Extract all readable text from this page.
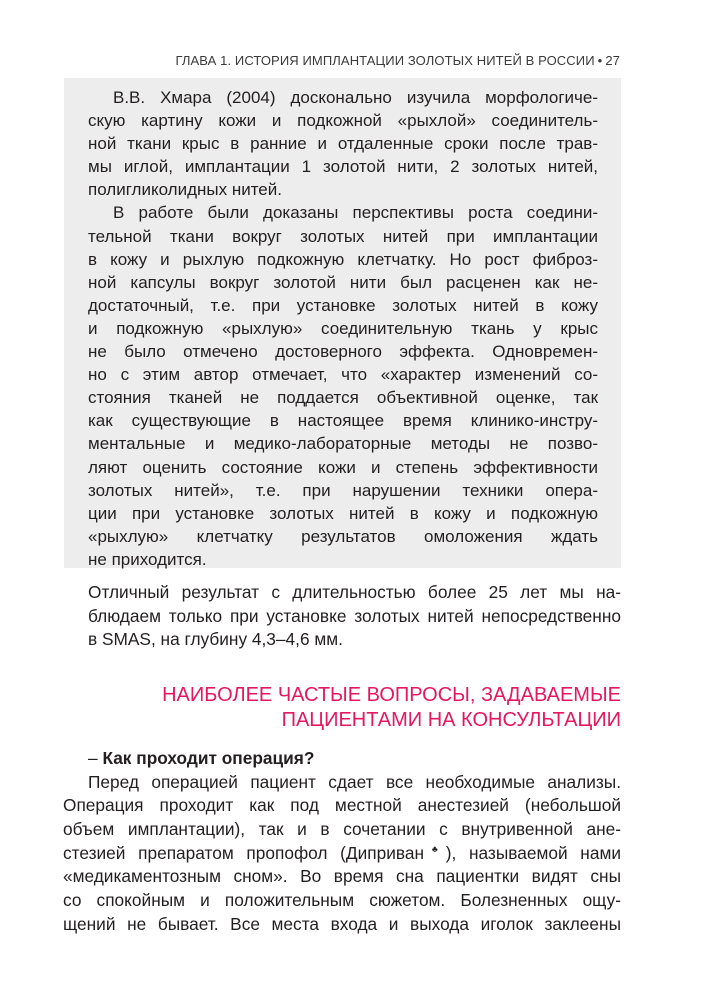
ГЛАВА 1. ИСТОРИЯ ИМПЛАНТАЦИИ ЗОЛОТЫХ НИТЕЙ В РОССИИ • 27
В.В. Хмара (2004) досконально изучила морфологиче-
скую картину кожи и подкожной «рыхлой» соединитель-
ной ткани крыс в ранние и отдаленные сроки после трав-
мы иглой, имплантации 1 золотой нити, 2 золотых нитей,
полигликолидных нитей.
В работе были доказаны перспективы роста соедини-
тельной ткани вокруг золотых нитей при имплантации
в кожу и рыхлую подкожную клетчатку. Но рост фиброз-
ной капсулы вокруг золотой нити был расценен как не-
достаточный, т.е. при установке золотых нитей в кожу
и подкожную «рыхлую» соединительную ткань у крыс
не было отмечено достоверного эффекта. Одновремен-
но с этим автор отмечает, что «характер изменений со-
стояния тканей не поддается объективной оценке, так
как существующие в настоящее время клинико-инстру-
ментальные и медико-лабораторные методы не позво-
ляют оценить состояние кожи и степень эффективности
золотых нитей», т.е. при нарушении техники опера-
ции при установке золотых нитей в кожу и подкожную
«рыхлую» клетчатку результатов омоложения ждать
не приходится.
Отличный результат с длительностью более 25 лет мы на-
блюдаем только при установке золотых нитей непосредственно
в SMAS, на глубину 4,3–4,6 мм.
НАИБОЛЕЕ ЧАСТЫЕ ВОПРОСЫ, ЗАДАВАЕМЫЕ
ПАЦИЕНТАМИ НА КОНСУЛЬТАЦИИ
– Как проходит операция?
Перед операцией пациент сдает все необходимые анализы.
Операция проходит как под местной анестезией (небольшой
объем имплантации), так и в сочетании с внутривенной ане-
стезией препаратом пропофол (Диприван♣), называемой нами
«медикаментозным сном». Во время сна пациентки видят сны
со спокойным и положительным сюжетом. Болезненных ощу-
щений не бывает. Все места входа и выхода иголок заклеены
